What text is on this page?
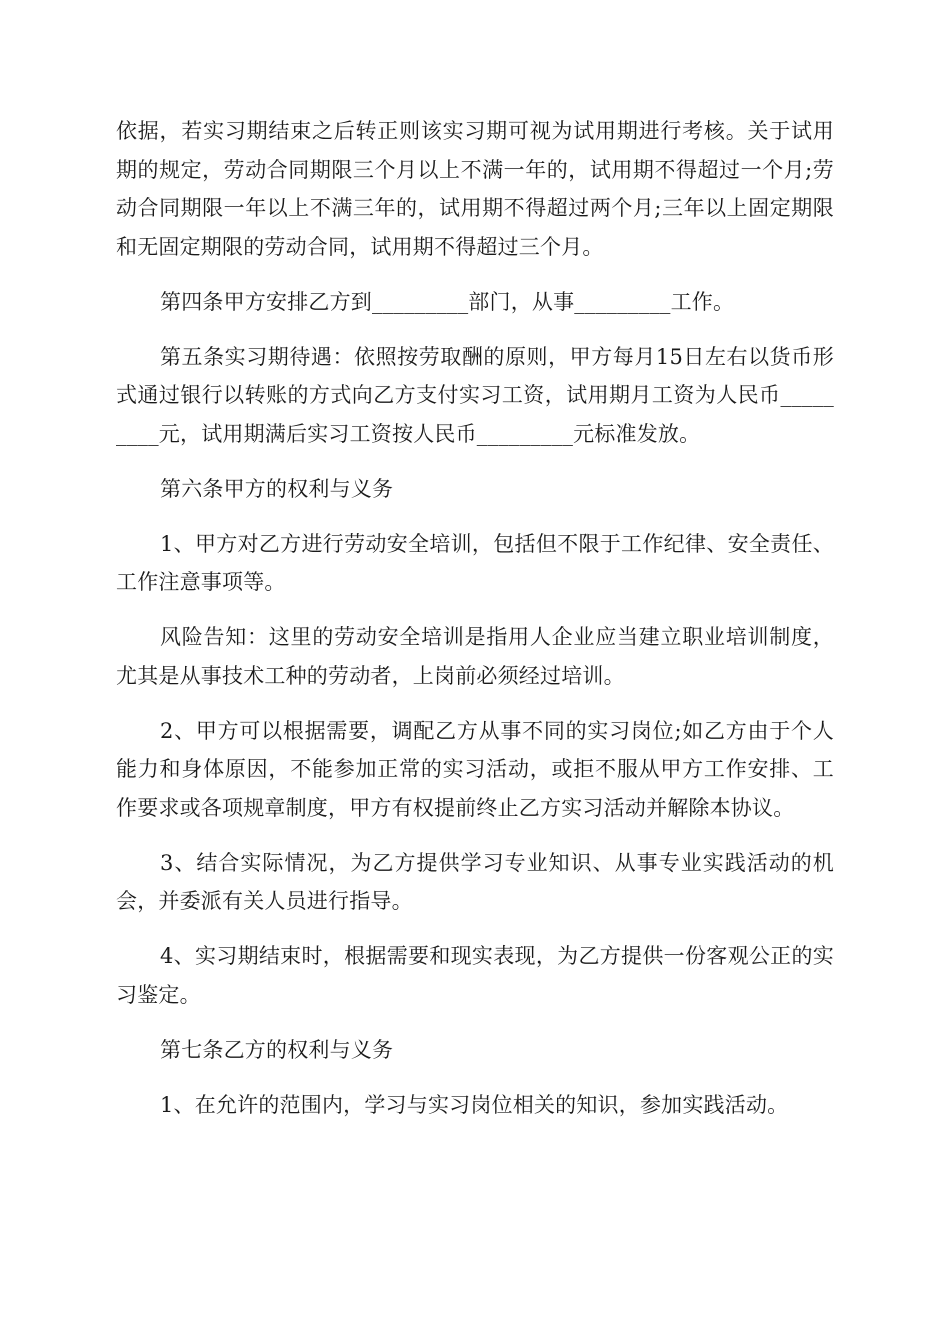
依据，若实习期结束之后转正则该实习期可视为试用期进行考核。关于试用期的规定，劳动合同期限三个月以上不满一年的，试用期不得超过一个月;劳动合同期限一年以上不满三年的，试用期不得超过两个月;三年以上固定期限和无固定期限的劳动合同，试用期不得超过三个月。

第四条甲方安排乙方到_________部门，从事_________工作。

第五条实习期待遇：依照按劳取酬的原则，甲方每月15日左右以货币形式通过银行以转账的方式向乙方支付实习工资，试用期月工资为人民币_________元，试用期满后实习工资按人民币_________元标准发放。

第六条甲方的权利与义务

1、甲方对乙方进行劳动安全培训，包括但不限于工作纪律、安全责任、工作注意事项等。

风险告知：这里的劳动安全培训是指用人企业应当建立职业培训制度，尤其是从事技术工种的劳动者，上岗前必须经过培训。

2、甲方可以根据需要，调配乙方从事不同的实习岗位;如乙方由于个人能力和身体原因，不能参加正常的实习活动，或拒不服从甲方工作安排、工作要求或各项规章制度，甲方有权提前终止乙方实习活动并解除本协议。

3、结合实际情况，为乙方提供学习专业知识、从事专业实践活动的机会，并委派有关人员进行指导。

4、实习期结束时，根据需要和现实表现，为乙方提供一份客观公正的实习鉴定。

第七条乙方的权利与义务

1、在允许的范围内，学习与实习岗位相关的知识，参加实践活动。
